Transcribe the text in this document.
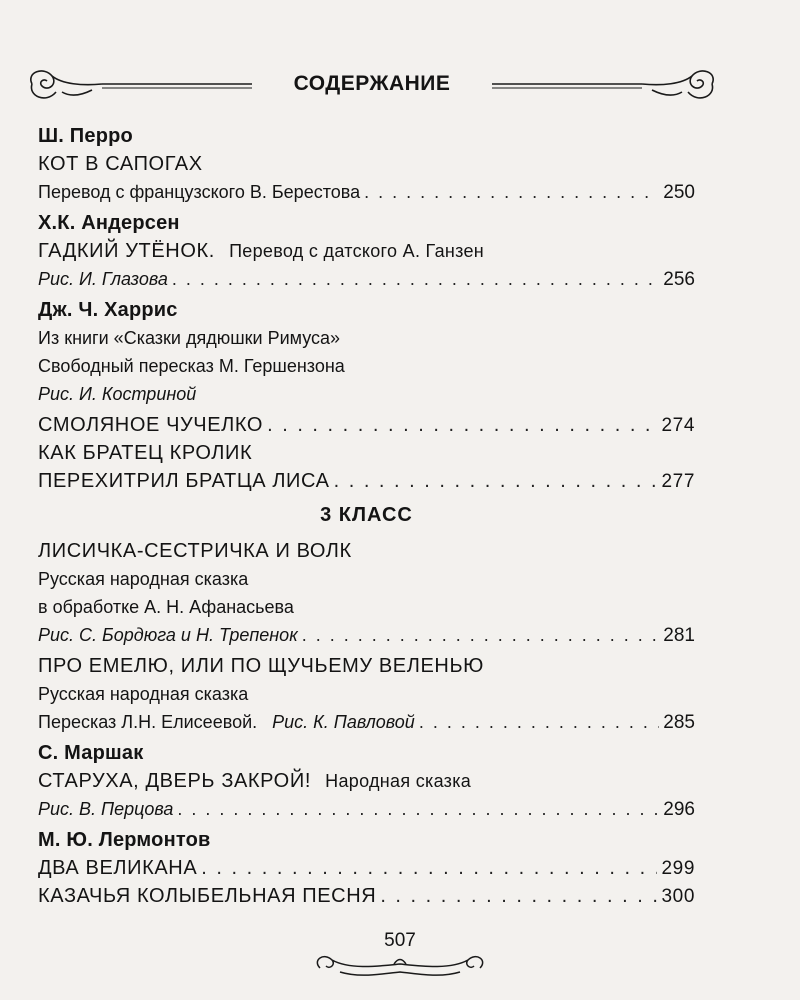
СОДЕРЖАНИЕ
Ш. Перро
КОТ В САПОГАХ
Перевод с французского В. Берестова . . .	250
Х.К. Андерсен
ГАДКИЙ УТЁНОК. Перевод с датского А. Ганзен
Рис. И. Глазова . . .	256
Дж. Ч. Харрис
Из книги «Сказки дядюшки Римуса»
Свободный пересказ М. Гершензона
Рис. И. Костриной
СМОЛЯНОЕ ЧУЧЕЛКО . . .	274
КАК БРАТЕЦ КРОЛИК
ПЕРЕХИТРИЛ БРАТЦА ЛИСА . . .	277
3 КЛАСС
ЛИСИЧКА-СЕСТРИЧКА И ВОЛК
Русская народная сказка
в обработке А. Н. Афанасьева
Рис. С. Бордюга и Н. Трепенок . . .	281
ПРО ЕМЕЛЮ, ИЛИ ПО ЩУЧЬЕМУ ВЕЛЕНЬЮ
Русская народная сказка
Пересказ Л.Н. Елисеевой. Рис. К. Павловой . . .	285
С. Маршак
СТАРУХА, ДВЕРЬ ЗАКРОЙ! Народная сказка
Рис. В. Перцова . . .	296
М. Ю. Лермонтов
ДВА ВЕЛИКАНА . . .	299
КАЗАЧЬЯ КОЛЫБЕЛЬНАЯ ПЕСНЯ . . .	300
507
